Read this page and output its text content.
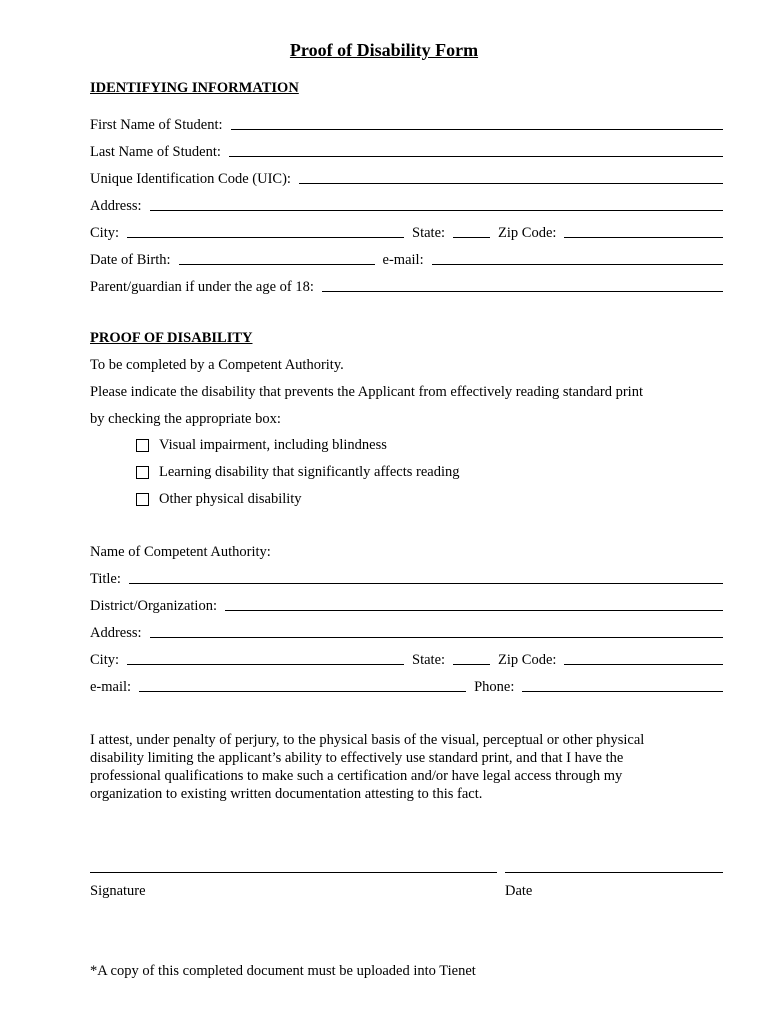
Proof of Disability Form
IDENTIFYING INFORMATION
First Name of Student:
Last Name of Student:
Unique Identification Code (UIC):
Address:
City:	State:	Zip Code:
Date of Birth:	e-mail:
Parent/guardian if under the age of 18:
PROOF OF DISABILITY
To be completed by a Competent Authority.
Please indicate the disability that prevents the Applicant from effectively reading standard print
by checking the appropriate box:
Visual impairment, including blindness
Learning disability that significantly affects reading
Other physical disability
Name of Competent Authority:
Title:
District/Organization:
Address:
City:	State:	Zip Code:
e-mail:	Phone:
I attest, under penalty of perjury, to the physical basis of the visual, perceptual or other physical
disability limiting the applicant’s ability to effectively use standard print, and that I have the
professional qualifications to make such a certification and/or have legal access through my
organization to existing written documentation attesting to this fact.
Signature	Date
*A copy of this completed document must be uploaded into Tienet
